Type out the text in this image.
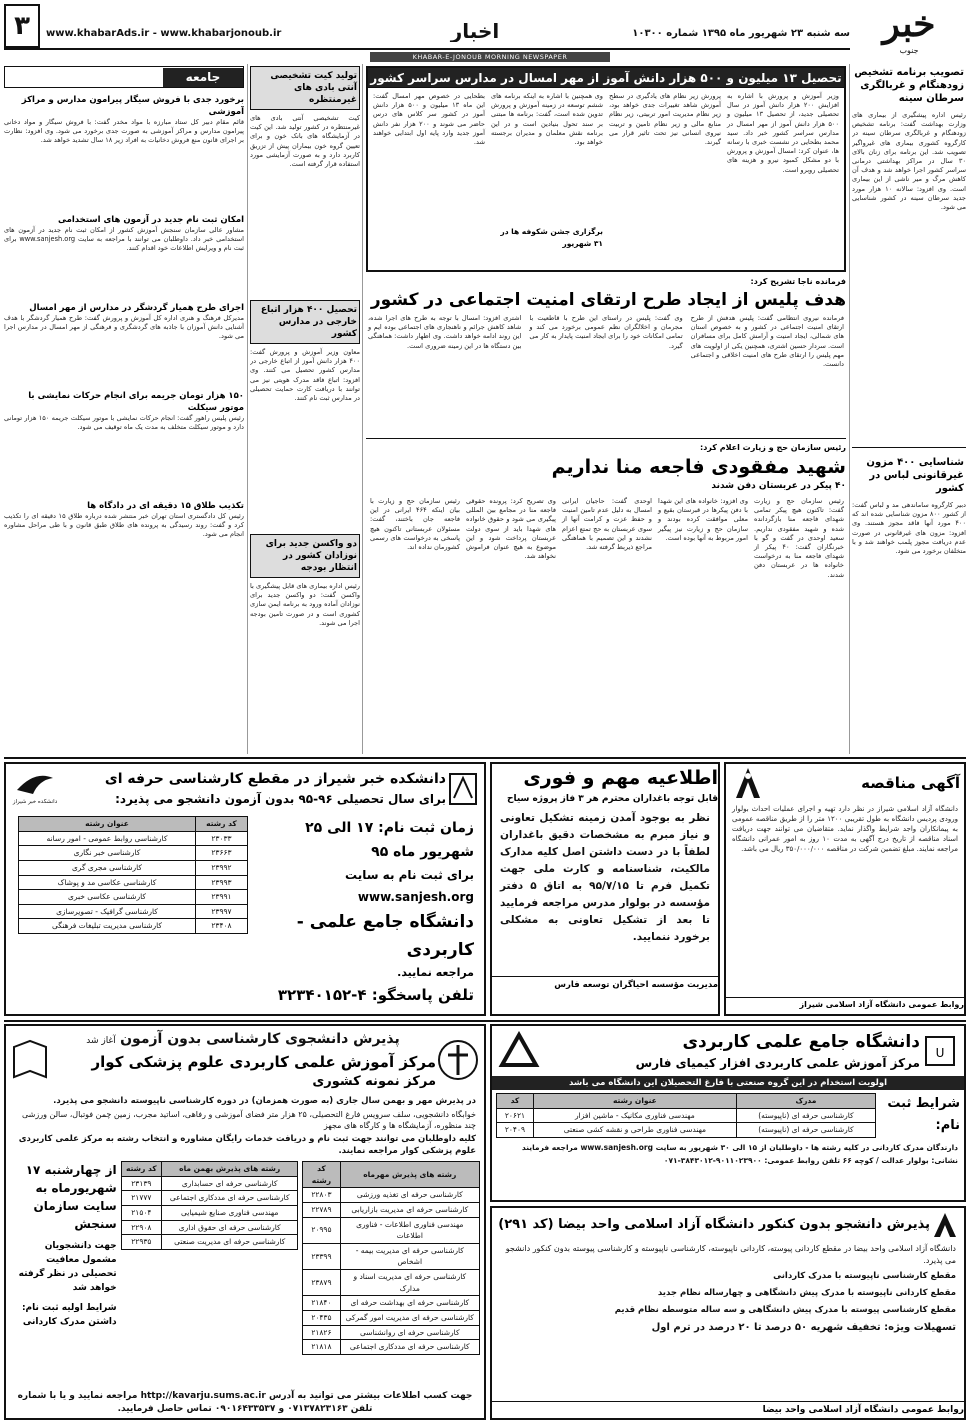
۳	www.khabarAds.ir - www.khabarjonoub.ir	اخبار	سه شنبه ۲۳ شهریور ماه ۱۳۹۵ شماره ۱۰۳۰۰ خبر
جنوب
KHABAR-E-JONOUB MORNING NEWSPAPER
تصویب برنامه تشخیص زودهنگام و غربالگری سرطان سینه
رئیس اداره پیشگیری از بیماری های وزارت بهداشت گفت: برنامه تشخیص زودهنگام و غربالگری سرطان سینه در کارگروه کشوری بیماری های غیرواگیر تصویب شد. این برنامه برای زنان بالای ۳۰ سال در مراکز بهداشتی درمانی سراسر کشور اجرا خواهد شد و هدف آن کاهش مرگ و میر ناشی از این بیماری است. وی افزود: سالانه ۱۰ هزار مورد جدید سرطان سینه در کشور شناسایی می شود.
شناسایی ۴۰۰ مزون غیرقانونی لباس در کشور
دبیر کارگروه ساماندهی مد و لباس گفت: از کشور ۸۰۰ مزون شناسایی شده اند که ۴۰۰ مورد آنها فاقد مجوز هستند. وی افزود: مزون های غیرقانونی در صورت عدم دریافت مجوز پلمب خواهند شد و با متخلفان برخورد می شود.
تحصیل ۱۳ میلیون و ۵۰۰ هزار دانش آموز از مهر امسال در مدارس سراسر کشور
وزیر آموزش و پرورش با اشاره به افزایش ۲۰۰ هزار دانش آموز در سال تحصیلی جدید، از تحصیل ۱۳ میلیون و ۵۰۰ هزار دانش آموز از مهر امسال در مدارس سراسر کشور خبر داد. سید محمد بطحایی در نشست خبری با رسانه ها، عنوان کرد: امسال آموزش و پرورش با دو مشکل کمبود نیرو و هزینه های تحصیلی روبرو است.
پرورش زیر نظام های یادگیری در سطح آموزش شاهد تغییرات جدی خواهد بود، زیر نظام مدیریت امور تربیتی، زیر نظام منابع مالی و زیر نظام تامین و تربیت نیروی انسانی نیز تحت تاثیر قرار می گیرند.
وی همچنین با اشاره به اینکه برنامه های ششم توسعه در زمینه آموزش و پرورش تدوین شده است، گفت: برنامه ها مبتنی بر سند تحول بنیادین است و در این برنامه نقش معلمان و مدیران برجسته خواهد بود.
برگزاری جشن شکوفه ها در ۳۱ شهریور
بطحایی در خصوص مهر امسال گفت: این ماه ۱۳ میلیون و ۵۰۰ هزار دانش آموز در کشور سر کلاس های درس حاضر می شوند و ۲۰۰ هزار نفر دانش آموز جدید وارد پایه اول ابتدایی خواهند شد.
فرمانده ناجا تشریح کرد:
هدف پلیس از ایجاد طرح ارتقای امنیت اجتماعی در کشور
فرمانده نیروی انتظامی گفت: پلیس هدفش از طرح ارتقای امنیت اجتماعی در کشور و به خصوص استان های شمالی، ایجاد امنیت و آرامش کامل برای مسافران است. سردار حسین اشتری، همچنین یکی از اولویت های مهم پلیس را ارتقای طرح های امنیت اخلاقی و اجتماعی دانست.
وی گفت: پلیس در راستای این طرح با قاطعیت با مجرمان و اخلالگران نظم عمومی برخورد می کند و تمامی امکانات خود را برای ایجاد امنیت پایدار به کار می گیرد.
اشتری افزود: امسال با توجه به طرح های اجرا شده، شاهد کاهش جرائم و ناهنجاری های اجتماعی بوده ایم و این روند ادامه خواهد داشت. وی اظهار داشت: هماهنگی بین دستگاه ها در این زمینه ضروری است.
رئیس سازمان حج و زیارت اعلام کرد:
شهید مفقودی فاجعه منا نداریم
۴۰ پیکر در عربستان دفن شدند
رئیس سازمان حج و زیارت گفت: تاکنون هیچ پیکر تمامی شهدای فاجعه منا بازگردانده شده و شهید مفقودی نداریم. سعید اوحدی در گفت و گو با خبرنگاران گفت: ۴۰ پیکر از شهدای فاجعه منا به درخواست خانواده ها در عربستان دفن شدند.
وی افزود: خانواده های این شهدا با دفن پیکرها در قبرستان بقیع و معلی موافقت کرده بودند و سازمان حج و زیارت نیز پیگیر امور مربوط به آنها بوده است.
اوحدی گفت: حاجیان ایرانی امسال به دلیل عدم تامین امنیت و حفظ عزت و کرامت آنها از سوی عربستان به حج تمتع اعزام نشدند و این تصمیم با هماهنگی مراجع ذیربط گرفته شد.
وی تصریح کرد: پرونده حقوقی فاجعه منا در مجامع بین المللی پیگیری می شود و حقوق خانواده های شهدا باید از سوی دولت عربستان پرداخت شود و این موضوع به هیچ عنوان فراموش نخواهد شد.
رئیس سازمان حج و زیارت با بیان اینکه ۴۶۴ ایرانی در این فاجعه جان باختند، گفت: مسئولان عربستانی تاکنون هیچ پاسخی به درخواست های رسمی کشورمان نداده اند.
تولید کیت تشخیصی آنتی بادی های غیرمنتظره
کیت تشخیصی آنتی بادی های غیرمنتظره در کشور تولید شد. این کیت در آزمایشگاه های بانک خون و برای تعیین گروه خون بیماران پیش از تزریق کاربرد دارد و به صورت آزمایشی مورد استفاده قرار گرفته است.
تحصیل ۴۰۰ هزار اتباع خارجی در مدارس کشور
معاون وزیر آموزش و پرورش گفت: ۴۰۰ هزار دانش آموز از اتباع خارجی در مدارس کشور تحصیل می کنند. وی افزود: اتباع فاقد مدرک هویتی نیز می توانند با دریافت کارت حمایت تحصیلی در مدارس ثبت نام کنند.
دو واکسن جدید برای نوزادان کشور در انتظار بودجه
رئیس اداره بیماری های قابل پیشگیری با واکسن گفت: دو واکسن جدید برای نوزادان آماده ورود به برنامه ایمن سازی کشوری است و در صورت تامین بودجه اجرا می شوند.
جامعه
برخورد جدی با فروش سیگار پیرامون مدارس و مراکز آموزشی
قائم مقام دبیر کل ستاد مبارزه با مواد مخدر گفت: با فروش سیگار و مواد دخانی پیرامون مدارس و مراکز آموزشی به صورت جدی برخورد می شود. وی افزود: نظارت بر اجرای قانون منع فروش دخانیات به افراد زیر ۱۸ سال تشدید خواهد شد.
امکان ثبت نام جدید در آزمون های استخدامی
مشاور عالی سازمان سنجش آموزش کشور از امکان ثبت نام جدید در آزمون های استخدامی خبر داد. داوطلبان می توانند با مراجعه به سایت www.sanjesh.org برای ثبت نام و ویرایش اطلاعات خود اقدام کنند.
اجرای طرح همیار گردشگر در مدارس از مهر امسال
مدیرکل فرهنگ و هنری اداره کل آموزش و پرورش گفت: طرح همیار گردشگر با هدف آشنایی دانش آموزان با جاذبه های گردشگری و فرهنگی از مهر امسال در مدارس اجرا می شود.
۱۵۰ هزار تومان جریمه برای انجام حرکات نمایشی با موتور سیکلت
رئیس پلیس راهور گفت: انجام حرکات نمایشی با موتور سیکلت جریمه ۱۵۰ هزار تومانی دارد و موتور سیکلت متخلف به مدت یک ماه توقیف می شود.
تکذیب طلاق ۱۵ دقیقه ای در دادگاه ها
رئیس کل دادگستری استان تهران خبر منتشر شده درباره طلاق ۱۵ دقیقه ای را تکذیب کرد و گفت: روند رسیدگی به پرونده های طلاق طبق قانون و با طی مراحل مشاوره انجام می شود.
آگهی مناقصه
دانشگاه آزاد اسلامی شیراز در نظر دارد تهیه و اجرای عملیات احداث بولوار ورودی پردیس دانشگاه به طول تقریبی ۱۲۰۰ متر را از طریق مناقصه عمومی به پیمانکاران واجد شرایط واگذار نماید. متقاضیان می توانند جهت دریافت اسناد مناقصه از تاریخ درج آگهی به مدت ۱۰ روز به امور عمرانی دانشگاه مراجعه نمایند. مبلغ تضمین شرکت در مناقصه ۳۵۰/۰۰۰/۰۰۰ ریال می باشد.
روابط عمومی دانشگاه آزاد اسلامی شیراز
اطلاعیه مهم و فوری
قابل توجه باغداران محترم هر ۳ فاز پروژه سیاح
نظر به بوجود آمدن زمینه تشکیل تعاونی و نیاز مبرم به مشخصات دقیق باغداران لطفاً با در دست داشتن اصل کلیه مدارک مالکیت، شناسنامه و کارت ملی جهت تکمیل فرم تا ۹۵/۷/۱۵ به اتاق ۵ دفتر مؤسسه در بولوار مدرس مراجعه فرمایید تا بعد از تشکیل تعاونی به مشکلی برخورد ننمایید.
مدیریت مؤسسه احیاگران توسعه فارس
دانشکده خبر شیراز در مقطع کارشناسی حرفه ای
برای سال تحصیلی ۹۶-۹۵ بدون آزمون دانشجو می پذیرد:
دانشکده خبر شیراز
زمان ثبت نام: ۱۷ الی ۲۵ شهریور ماه ۹۵
برای ثبت نام به سایت www.sanjesh.org
دانشگاه جامع علمی - کاربردی
مراجعه نمایید.
تلفن پاسخگو: ۴-۳۲۳۴۰۱۵۲
عنوان رشته	کد رشته
کارشناسی روابط عمومی - امور رسانه	۲۳۰۳۳
کارشناسی خبر نگاری	۲۳۶۶۳
کارشناسی مجری گری	۲۳۹۹۲
کارشناسی عکاسی مد و پوشاک	۲۳۹۹۳
کارشناسی عکاسی خبری	۲۳۹۹۱
کارشناسی گرافیک - تصویرسازی	۲۳۹۹۷
کارشناسی مدیریت تبلیغات فرهنگی	۲۳۴۰۸
U
دانشگاه جامع علمی کاربردی
مرکز آموزش علمی کاربردی افزار کیمیای فارس
اولویت استخدام در این گروه صنعتی با فارغ التحصیلان این دانشگاه می باشد
شرایط ثبت نام:
کد	عنوان رشته	مدرک
۲۰۶۲۱	مهندسی فناوری مکانیک - ماشین افزار	کارشناسی حرفه ای (ناپیوسته)
۲۰۴۰۹	مهندسی فناوری طراحی و نقشه کشی صنعتی	کارشناسی حرفه ای (ناپیوسته)
دارندگان مدرک کاردانی در کلیه رشته ها - داوطلبان از ۱۵ الی ۳۰ شهریور به سایت www.sanjesh.org مراجعه فرمایند
نشانی: بولوار عدالت / کوچه ۶۶ تلفن روابط عمومی: ۹۰۱۱۰۲۳۹۰۰-۳۸۴۳۰۱۲-۰۷۱
پذیرش دانشجوی کارشناسی بدون آزمون آغاز شد
مرکز آموزش علمی کاربردی علوم پزشکی کوار
مرکز نمونه کشوری
در پذیرش مهر و بهمن سال جاری (به صورت همزمان) در دوره کارشناسی ناپیوسته دانشجو می پذیرد.
خوابگاه دانشجویی، سلف سرویس فارغ التحصیلی، ۲۵ هزار متر فضای آموزشی و رفاهی، اساتید مجرب، زمین چمن فوتبال، سالن ورزشی چند منظوره، آزمایشگاه ها و کارگاه های مجهز
کلیه داوطلبان می توانند جهت ثبت نام و دریافت خدمات رایگان مشاوره و انتخاب رشته به مرکز علمی کاربردی علوم پزشکی کوار مراجعه نمایند.
کد رشته	رشته های پذیرش مهرماه
۲۲۸۰۳	کارشناسی حرفه ای تغذیه ورزشی
۲۲۷۸۹	کارشناسی حرفه ای مدیریت بازاریابی
۲۰۹۹۵	مهندسی فناوری اطلاعات - فناوری اطلاعات
۲۳۳۹۹	کارشناسی حرفه ای مدیریت بیمه - اشخاص
۲۳۸۷۹	کارشناسی حرفه ای مدیریت اسناد و مدارک
۲۱۸۴۰	کارشناسی حرفه ای بهداشت حرفه ای
۲۰۴۳۵	کارشناسی حرفه ای مدیریت امور گمرکی
۲۱۸۲۶	کارشناسی حرفه ای روانشناسی
۲۱۸۱۸	کارشناسی حرفه ای مددکاری اجتماعی
کد رشته	رشته های پذیرش بهمن ماه
۲۳۱۳۹	کارشناسی حرفه ای حسابداری
۲۱۷۷۷	کارشناسی حرفه ای مددکاری اجتماعی
۲۱۵۰۴	مهندسی فناوری صنایع شیمیایی
۲۲۹۰۸	کارشناسی حرفه ای حقوق اداری
۲۲۹۳۵	کارشناسی حرفه ای مدیریت صنعتی
از چهارشنبه ۱۷ شهریورماه به سایت سازمان سنجش
جهت دانشجویان مشمول معافیت تحصیلی در نظر گرفته خواهد شد
شرایط اولیه ثبت نام: داشتن مدرک کاردانی
جهت کسب اطلاعات بیشتر می توانید به آدرس http://kavarju.sums.ac.ir مراجعه نمایید و یا با شماره تلفن ۰۷۱۳۷۸۲۳۱۶۳ و ۰۹۰۱۶۴۳۳۵۳۷ تماس حاصل فرمایید.
پذیرش دانشجو بدون کنکور دانشگاه آزاد اسلامی واحد بیضا (کد ۲۹۱)
دانشگاه آزاد اسلامی واحد بیضا در مقطع کاردانی پیوسته، کاردانی ناپیوسته، کارشناسی ناپیوسته و کارشناسی پیوسته بدون کنکور دانشجو می پذیرد.
مقطع کارشناسی ناپیوسته با مدرک کاردانی
مقطع کاردانی ناپیوسته با مدرک پیش دانشگاهی و چهارساله نظام جدید
مقطع کارشناسی پیوسته با مدرک پیش دانشگاهی و سه ساله متوسطه نظام قدیم
تسهیلات ویژه: تخفیف شهریه ۵۰ درصد تا ۲۰ درصد در ترم اول
روابط عمومی دانشگاه آزاد اسلامی واحد بیضا
